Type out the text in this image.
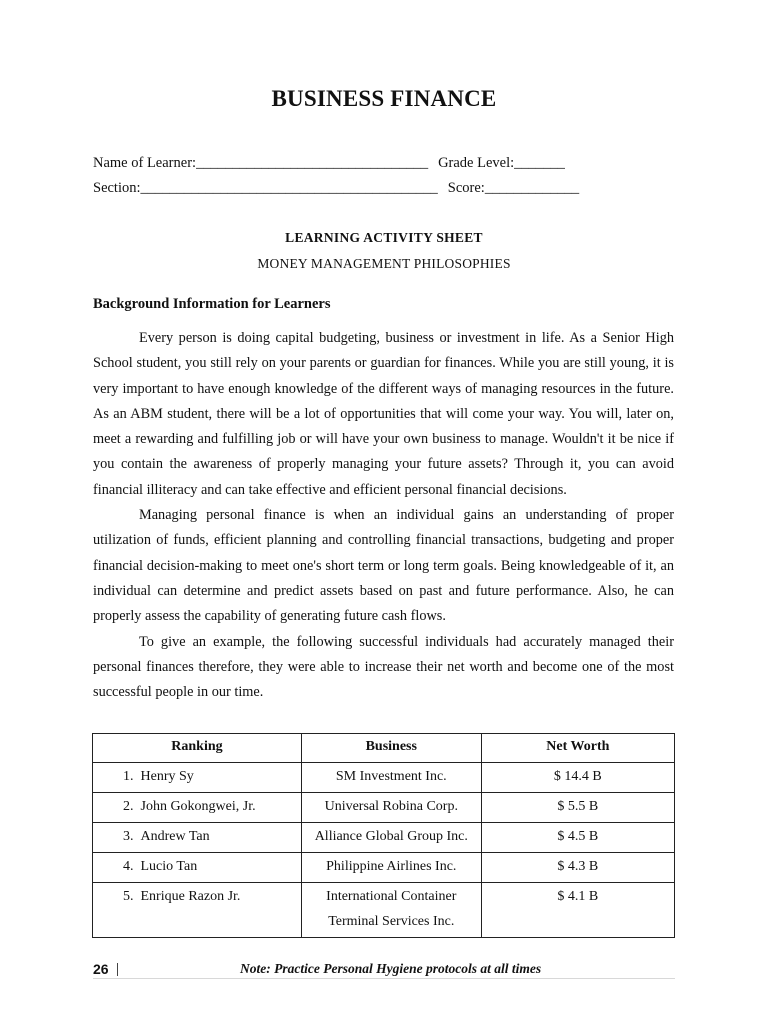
BUSINESS FINANCE
Name of Learner:________________________________ Grade Level:_______
Section:_________________________________________ Score:_____________
LEARNING ACTIVITY SHEET
MONEY MANAGEMENT PHILOSOPHIES
Background Information for Learners

Every person is doing capital budgeting, business or investment in life. As a Senior High School student, you still rely on your parents or guardian for finances. While you are still young, it is very important to have enough knowledge of the different ways of managing resources in the future. As an ABM student, there will be a lot of opportunities that will come your way. You will, later on, meet a rewarding and fulfilling job or will have your own business to manage. Wouldn't it be nice if you contain the awareness of properly managing your future assets? Through it, you can avoid financial illiteracy and can take effective and efficient personal financial decisions.

Managing personal finance is when an individual gains an understanding of proper utilization of funds, efficient planning and controlling financial transactions, budgeting and proper financial decision-making to meet one's short term or long term goals. Being knowledgeable of it, an individual can determine and predict assets based on past and future performance. Also, he can properly assess the capability of generating future cash flows.

To give an example, the following successful individuals had accurately managed their personal finances therefore, they were able to increase their net worth and become one of the most successful people in our time.

Ranking	Business	Net Worth
1. Henry Sy	SM Investment Inc.	$ 14.4 B
2. John Gokongwei, Jr.	Universal Robina Corp.	$ 5.5 B
3. Andrew Tan	Alliance Global Group Inc.	$ 4.5 B
4. Lucio Tan	Philippine Airlines Inc.	$ 4.3 B
5. Enrique Razon Jr.	International Container Terminal Services Inc.	$ 4.1 B
26	Note: Practice Personal Hygiene protocols at all times
